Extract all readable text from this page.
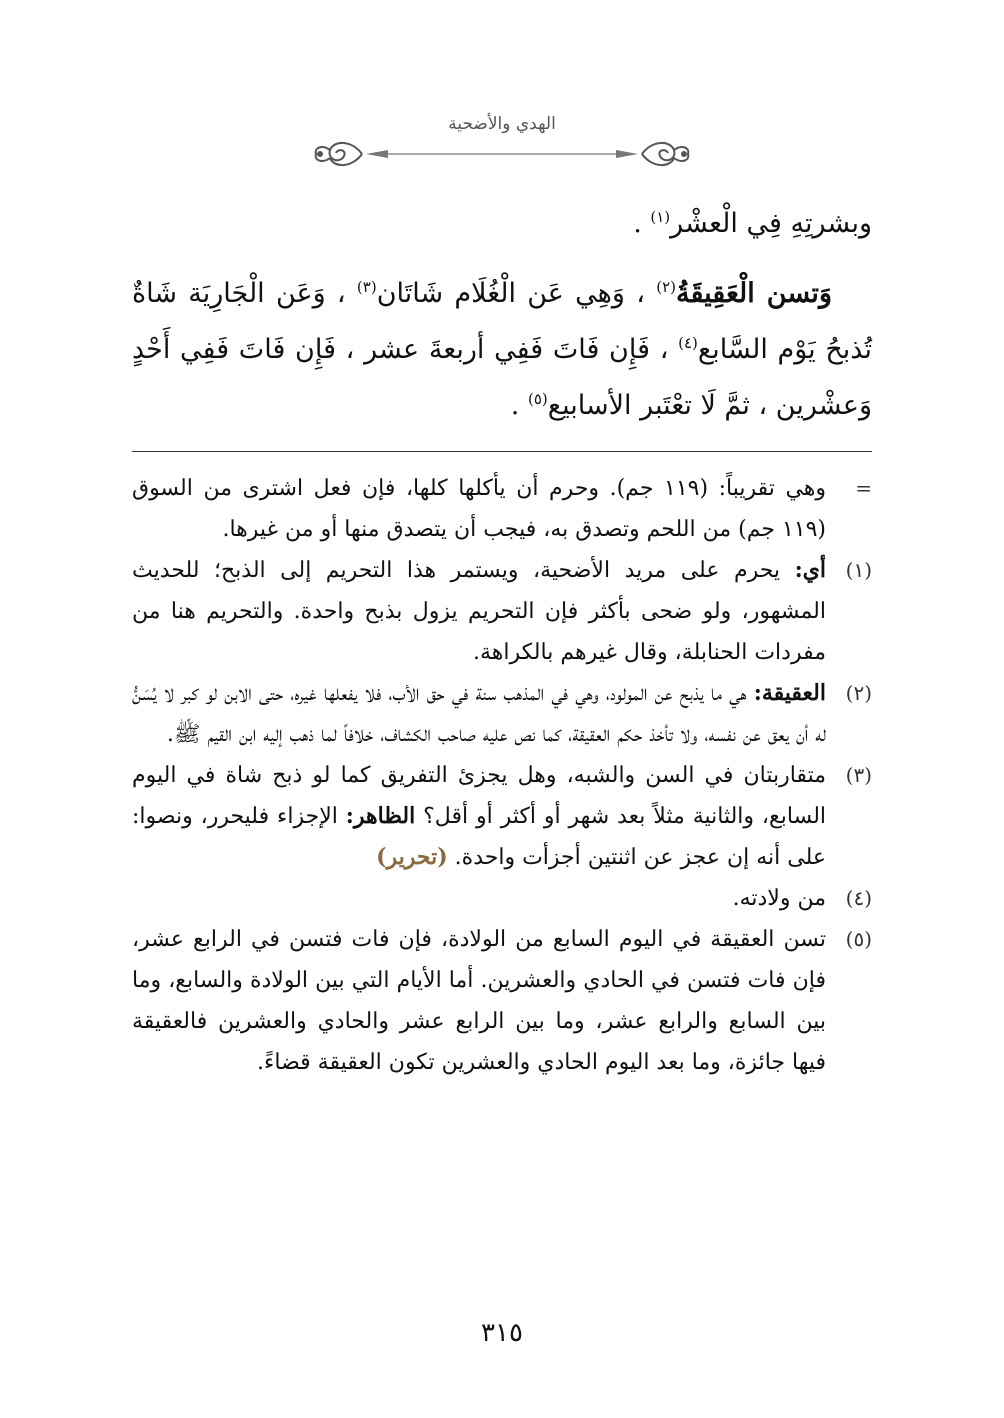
الهدي والأضحية

وبشرتِهِ فِي الْعشْر$^{(١)}$ .

وَتسن الْعَقِيقَةُ$^{(٢)}$ ، وَهِي عَن الْغُلَام شَاتَان$^{(٣)}$ ، وَعَن الْجَارِيَة شَاةٌ تُذبحُ يَوْم السَّابع$^{(٤)}$ ، فَإِن فَاتَ فَفِي أربعةَ عشر ، فَإِن فَاتَ فَفِي أَحْدٍ وَعشْرين ، ثمَّ لَا تعْتَبر الأسابيع$^{(٥)}$ .

=
وهي تقريباً: (١١٩ جم). وحرم أن يأكلها كلها، فإن فعل اشترى من السوق (١١٩ جم) من اللحم وتصدق به، فيجب أن يتصدق منها أو من غيرها.
(١)
أي: يحرم على مريد الأضحية، ويستمر هذا التحريم إلى الذبح؛ للحديث المشهور، ولو ضحى بأكثر فإن التحريم يزول بذبح واحدة. والتحريم هنا من مفردات الحنابلة، وقال غيرهم بالكراهة.
(٢)
العقيقة: هي ما يذبح عن المولود، وهي في المذهب سنة في حق الأب، فلا يفعلها غيره، حتى الابن لو كبر لا يُسَنُّ له أن يعق عن نفسه، ولا تأخذ حكم العقيقة، كما نص عليه صاحب الكشاف، خلافاً لما ذهب إليه ابن القيم ﷺ.
(٣)
متقاربتان في السن والشبه، وهل يجزئ التفريق كما لو ذبح شاة في اليوم السابع، والثانية مثلاً بعد شهر أو أكثر أو أقل؟ الظاهر: الإجزاء فليحرر، ونصوا: على أنه إن عجز عن اثنتين أجزأت واحدة. (تحرير)
(٤)
من ولادته.
(٥)
تسن العقيقة في اليوم السابع من الولادة، فإن فات فتسن في الرابع عشر، فإن فات فتسن في الحادي والعشرين. أما الأيام التي بين الولادة والسابع، وما بين السابع والرابع عشر، وما بين الرابع عشر والحادي والعشرين فالعقيقة فيها جائزة، وما بعد اليوم الحادي والعشرين تكون العقيقة قضاءً.
٣١٥
